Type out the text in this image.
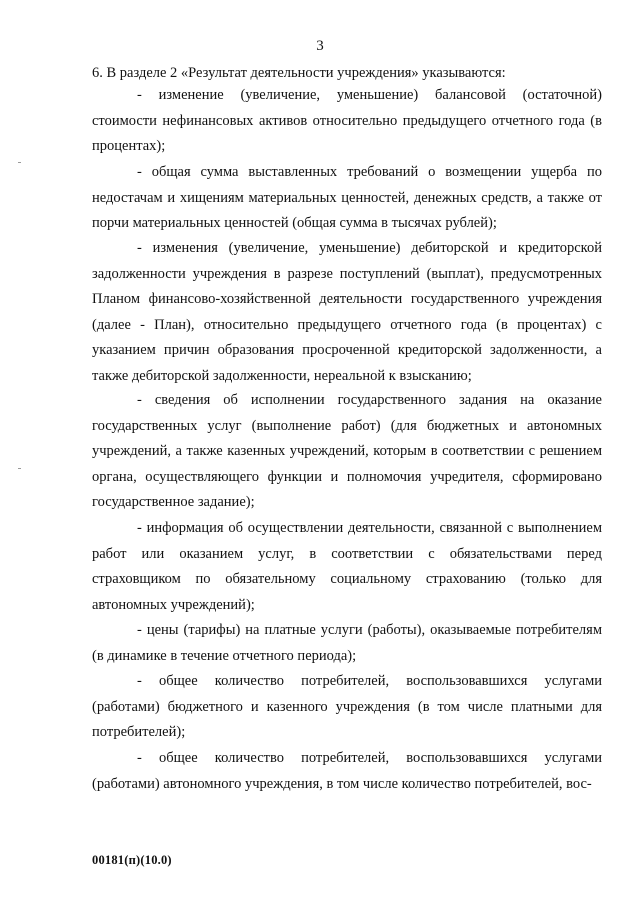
3
6. В разделе 2 «Результат деятельности учреждения» указываются:
- изменение (увеличение, уменьшение) балансовой (остаточной) стоимости нефинансовых активов относительно предыдущего отчетного года (в процентах);
- общая сумма выставленных требований о возмещении ущерба по недостачам и хищениям материальных ценностей, денежных средств, а также от порчи материальных ценностей (общая сумма в тысячах рублей);
- изменения (увеличение, уменьшение) дебиторской и кредиторской задолженности учреждения в разрезе поступлений (выплат), предусмотренных Планом финансово-хозяйственной деятельности государственного учреждения (далее - План), относительно предыдущего отчетного года (в процентах) с указанием причин образования просроченной кредиторской задолженности, а также дебиторской задолженности, нереальной к взысканию;
- сведения об исполнении государственного задания на оказание государственных услуг (выполнение работ) (для бюджетных и автономных учреждений, а также казенных учреждений, которым в соответствии с решением органа, осуществляющего функции и полномочия учредителя, сформировано государственное задание);
- информация об осуществлении деятельности, связанной с выполнением работ или оказанием услуг, в соответствии с обязательствами перед страховщиком по обязательному социальному страхованию (только для автономных учреждений);
- цены (тарифы) на платные услуги (работы), оказываемые потребителям (в динамике в течение отчетного периода);
- общее количество потребителей, воспользовавшихся услугами (работами) бюджетного и казенного учреждения (в том числе платными для потребителей);
- общее количество потребителей, воспользовавшихся услугами (работами) автономного учреждения, в том числе количество потребителей, вос-
00181(п)(10.0)
